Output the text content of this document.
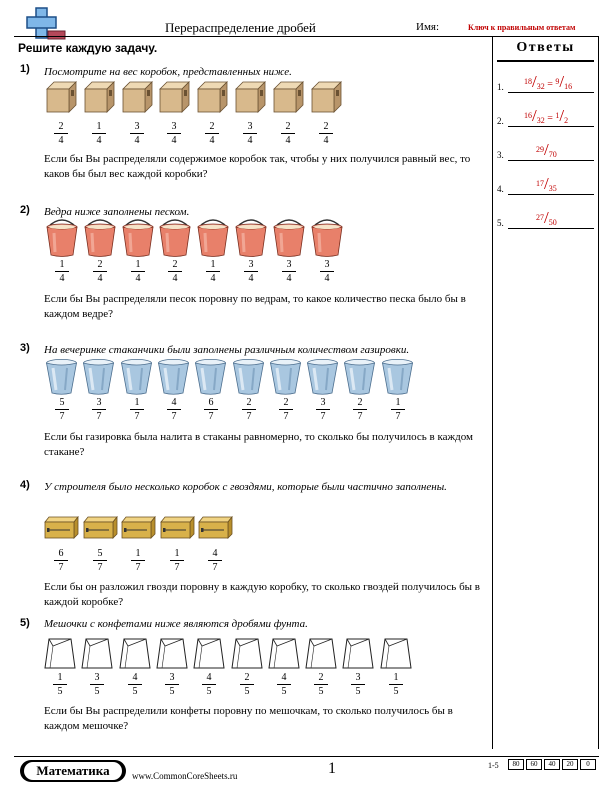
Перераспределение дробей	Имя:	Ключ к правильным ответам
Решите каждую задачу.	Ответы
1.
$^{18}/_{32} = ^9/_{16}$
2.
$^{16}/_{32} = ^1/_2$
3.
$^{29}/_{70}$
4.
$^{17}/_{35}$
5.
$^{27}/_{50}$
1) Посмотрите на вес коробок, представленных ниже.
2
4
1
4
3
4
3
4
2
4
3
4
2
4
2
4
Если бы Вы распределяли содержимое коробок так, чтобы у них получился равный вес, то каков бы был вес каждой коробки?
2) Ведра ниже заполнены песком.
1
4
2
4
1
4
2
4
1
4
3
4
3
4
3
4
Если бы Вы распределяли песок поровну по ведрам, то какое количество песка было бы в каждом ведре?
3) На вечеринке стаканчики были заполнены различным количеством газировки.
5
7
3
7
1
7
4
7
6
7
2
7
2
7
3
7
2
7
1
7
Если бы газировка была налита в стаканы равномерно, то сколько бы получилось в каждом стакане?
4) У строителя было несколько коробок с гвоздями, которые были частично заполнены.
6
7
5
7
1
7
1
7
4
7
Если бы он разложил гвозди поровну в каждую коробку, то сколько гвоздей получилось бы в каждой коробке?
5) Мешочки с конфетами ниже являются дробями фунта.
1
5
3
5
4
5
3
5
4
5
2
5
4
5
2
5
3
5
1
5
Если бы Вы распределили конфеты поровну по мешочкам, то сколько получилось бы в каждом мешочке?
Математика	www.CommonCoreSheets.ru	1	1-5	80	60	40	20	0
